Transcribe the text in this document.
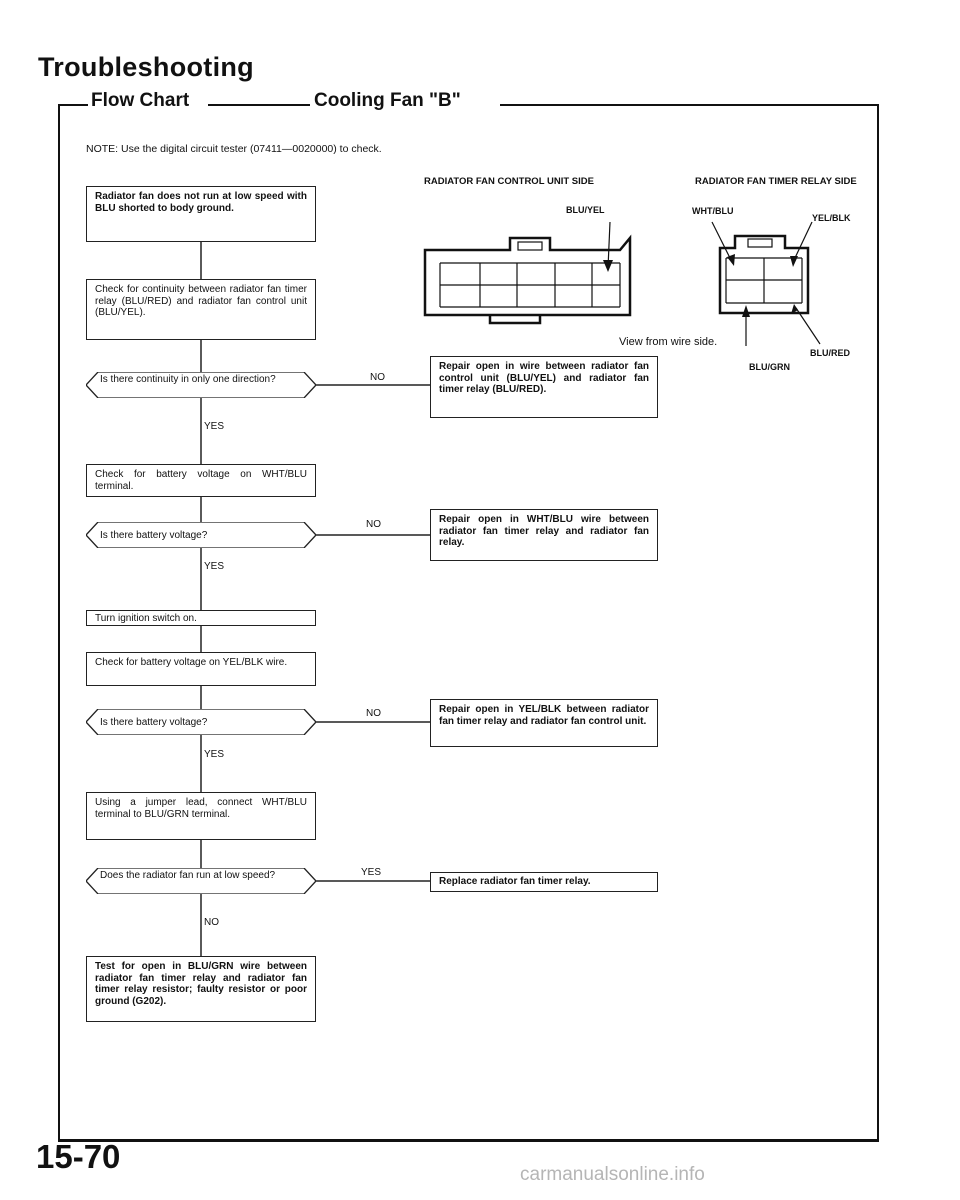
Troubleshooting
Flow Chart	Cooling Fan "B"
NOTE: Use the digital circuit tester (07411—0020000) to check.
Radiator fan does not run at low speed with BLU shorted to body ground.
Check for continuity between radiator fan timer relay (BLU/RED) and radiator fan control unit (BLU/YEL).
Is there continuity in only one direction?
YES
Check for battery voltage on WHT/BLU terminal.
Is there battery voltage?
YES
Turn ignition switch on.
Check for battery voltage on YEL/BLK wire.
Is there battery voltage?
YES
Using a jumper lead, connect WHT/BLU terminal to BLU/GRN terminal.
Does the radiator fan run at low speed?
NO
Test for open in BLU/GRN wire between radiator fan timer relay and radiator fan timer relay resistor; faulty resistor or poor ground (G202).
NO
NO
NO
YES
Repair open in wire between radiator fan control unit (BLU/YEL) and radiator fan timer relay (BLU/RED).
Repair open in WHT/BLU wire between radiator fan timer relay and radiator fan relay.
Repair open in YEL/BLK between radiator fan timer relay and radiator fan control unit.
Replace radiator fan timer relay.
RADIATOR FAN CONTROL UNIT SIDE
BLU/YEL
RADIATOR FAN TIMER RELAY SIDE
WHT/BLU
YEL/BLK
View from wire side.
BLU/RED
BLU/GRN
15-70	carmanualsonline.info
